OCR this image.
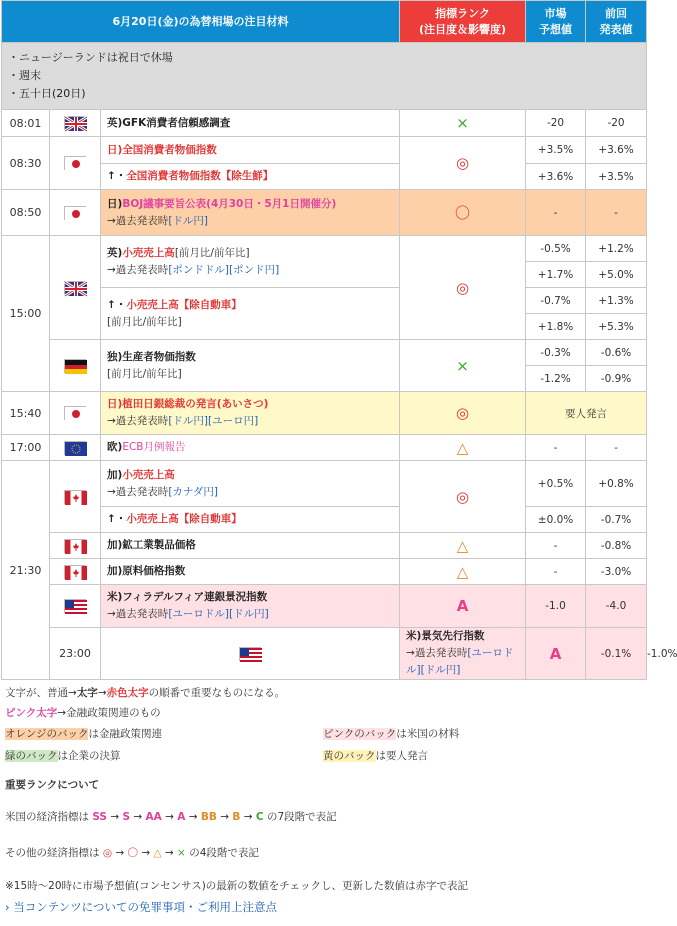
6月20日(金)の為替相場の注目材料			指標ランク
(注目度＆影響度)	市場
予想値	前回
発表値	

・ニュージーランドは祝日で休場
・週末
・五十日(20日)						

08:01		英)GFK消費者信頼感調査	×	-20	-20	
08:30		日)全国消費者物価指数	◎	+3.5%	+3.6%	
		↑・全国消費者物価指数【除生鮮】		+3.6%	+3.5%	
08:50		日)BOJ議事要旨公表(4月30日・5月1日開催分)
→過去発表時[ドル円]	〇	-	-	
15:00		英)小売売上高[前月比/前年比]
→過去発表時[ポンドドル][ポンド円]	◎	-0.5%	+1.2%	
				+1.7%	+5.0%	

		↑・小売売上高【除自動車】
[前月比/前年比]		-0.7%	+1.3%	
				+1.8%	+5.3%	

独)生産者物価指数
[前月比/前年比]	×	-0.3%	-0.6%	
				-1.2%	-0.9%	
15:40		日)植田日銀総裁の発言(あいさつ)
→過去発表時[ドル円][ユーロ円]	◎	要人発言		
17:00		欧)ECB月例報告	△	-	-	
21:30		加)小売売上高
→過去発表時[カナダ円]	◎	+0.5%	+0.8%	
		↑・小売売上高【除自動車】		±0.0%	-0.7%	
	加)鉱工業製品価格	△	-	-0.8%	
	加)原料価格指数	△	-	-3.0%	

米)フィラデルフィア連銀景況指数
→過去発表時[ユーロドル][ドル円]	A	-1.0	-4.0	
	23:00		米)景気先行指数
→過去発表時[ユーロドル][ドル円]	A	-0.1%	-1.0%
文字が、普通→太字→赤色太字の順番で重要なものになる。
ピンク太字→金融政策関連のもの
オレンジのバックは金融政策関連	ピンクのバックは米国の材料
緑のバックは企業の決算	黄のバックは要人発言
重要ランクについて
米国の経済指標は SS → S → AA → A → BB → B → C の7段階で表記
その他の経済指標は ◎ → 〇 → △ → × の4段階で表記
※15時～20時に市場予想値(コンセンサス)の最新の数値をチェックし、更新した数値は赤字で表記
› 当コンテンツについての免罪事項・ご利用上注意点
